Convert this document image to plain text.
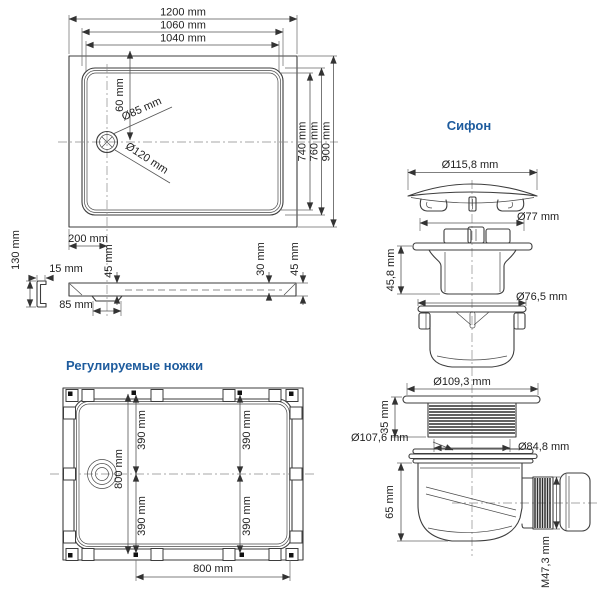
1200 mm
1060 mm
1040 mm
740 mm 760 mm 900 mm
60 mm
Ø85 mm
Ø120 mm
200 mm
130 mm 15 mm 45 mm
85 mm
30 mm 45 mm
Регулируемые ножки
800 mm
390 mm
390 mm
390 mm
390 mm
800 mm
Сифон
Ø115,8 mm
Ø77 mm
45,8 mm
Ø76,5 mm
Ø109,3 mm
35 mm
Ø84,8 mm
Ø107,6 mm
65 mm
M47,3 mm
